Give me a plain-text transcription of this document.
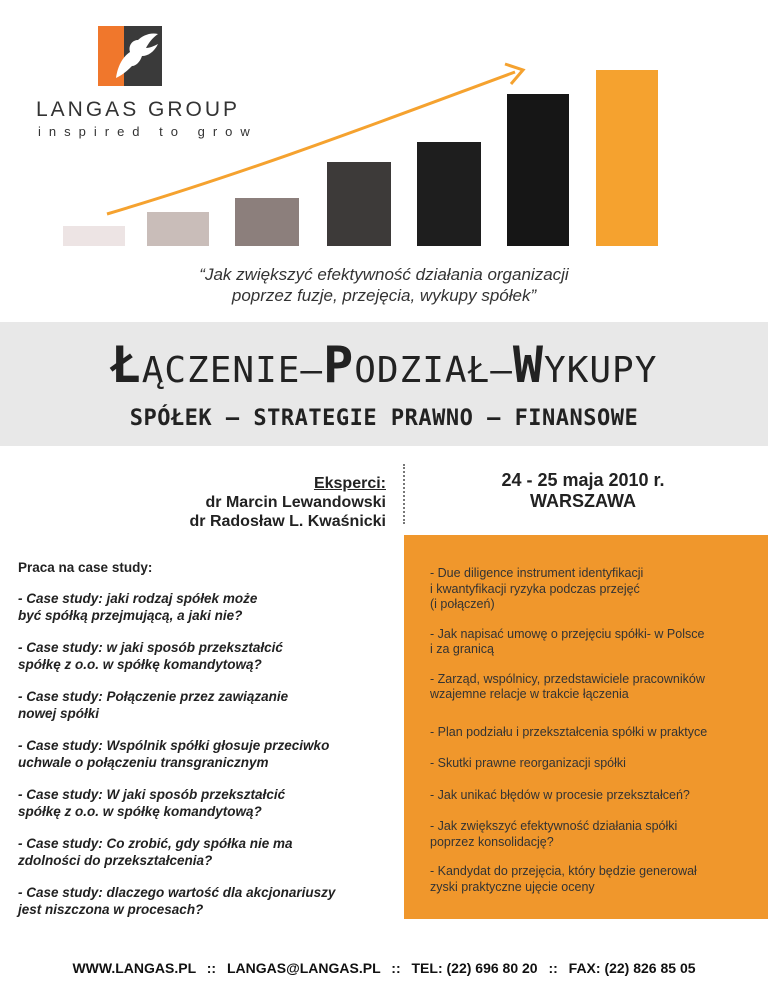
LANGAS GROUP
inspired to grow
“Jak zwiększyć efektywność działania organizacji
poprzez fuzje, przejęcia, wykupy spółek”
ŁĄCZENIE–PODZIAŁ–WYKUPY
SPÓŁEK – STRATEGIE PRAWNO – FINANSOWE
Eksperci:
dr Marcin Lewandowski
dr Radosław L. Kwaśnicki
24 - 25 maja 2010 r.
WARSZAWA
Praca na case study:
- Case study: jaki rodzaj spółek może
być spółką przejmującą, a jaki nie?
- Case study: w jaki sposób przekształcić
spółkę z o.o. w spółkę komandytową?
- Case study: Połączenie przez zawiązanie
nowej spółki
- Case study: Wspólnik spółki głosuje przeciwko
uchwale o połączeniu transgranicznym
- Case study: W jaki sposób przekształcić
spółkę z o.o. w spółkę komandytową?
- Case study: Co zrobić, gdy spółka nie ma
zdolności do przekształcenia?
- Case study: dlaczego wartość dla akcjonariuszy
jest niszczona w procesach?
- Due diligence instrument identyfikacji
i kwantyfikacji ryzyka podczas przejęć
(i połączeń)
- Jak napisać umowę o przejęciu spółki- w Polsce
i za granicą
- Zarząd, wspólnicy, przedstawiciele pracowników
wzajemne relacje w trakcie łączenia
- Plan podziału i przekształcenia spółki w praktyce
- Skutki prawne reorganizacji spółki
- Jak unikać błędów w procesie przekształceń?
- Jak zwiększyć efektywność działania spółki
poprzez konsolidację?
- Kandydat do przejęcia, który będzie generował
zyski praktyczne ujęcie oceny
WWW.LANGAS.PL :: LANGAS@LANGAS.PL :: TEL: (22) 696 80 20 :: FAX: (22) 826 85 05
